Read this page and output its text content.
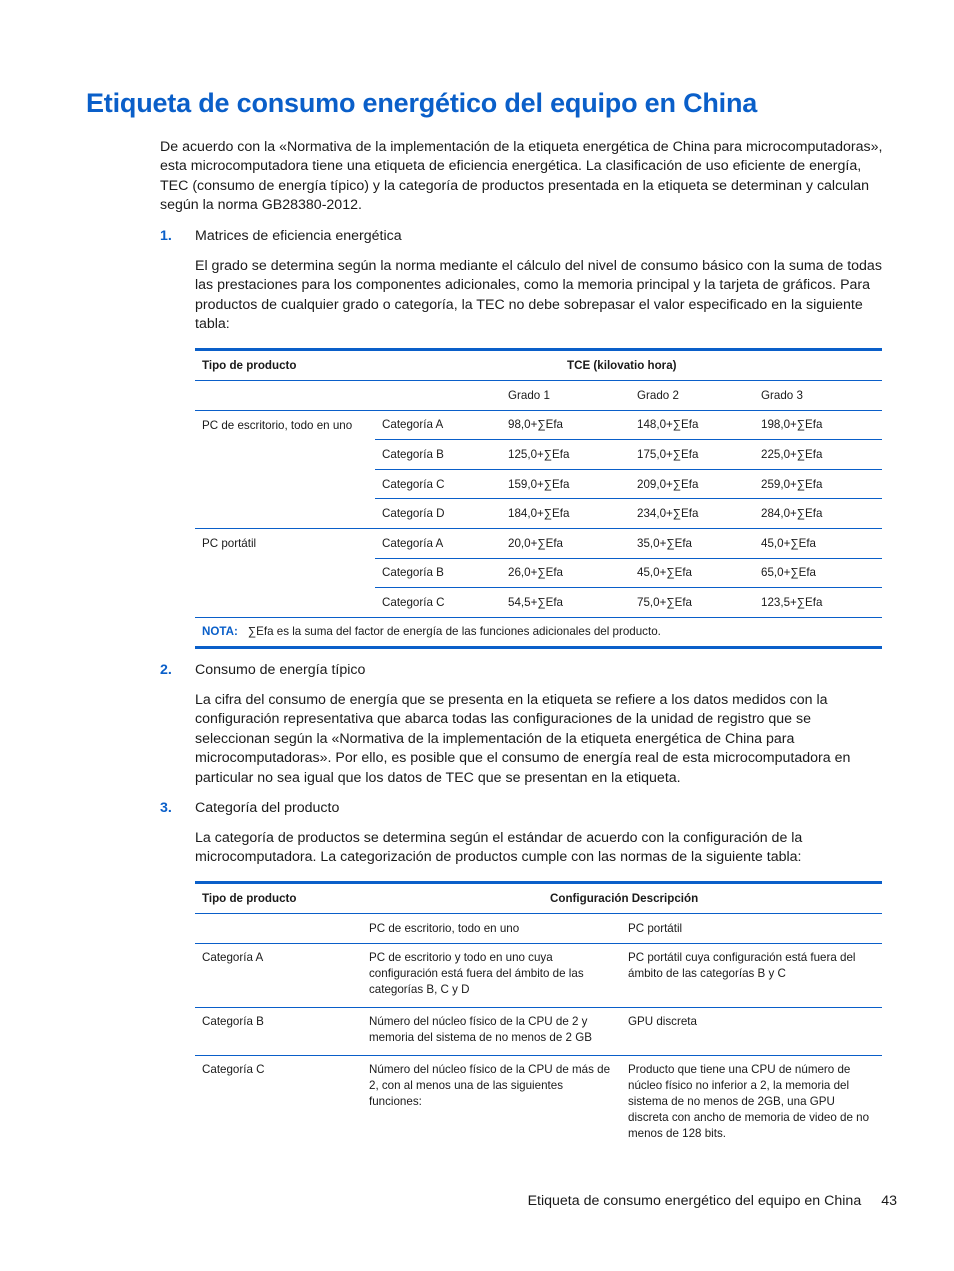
Etiqueta de consumo energético del equipo en China

De acuerdo con la «Normativa de la implementación de la etiqueta energética de China para microcomputadoras», esta microcomputadora tiene una etiqueta de eficiencia energética. La clasificación de uso eficiente de energía, TEC (consumo de energía típico) y la categoría de productos presentada en la etiqueta se determinan y calculan según la norma GB28380-2012.

1. Matrices de eficiencia energética

El grado se determina según la norma mediante el cálculo del nivel de consumo básico con la suma de todas las prestaciones para los componentes adicionales, como la memoria principal y la tarjeta de gráficos. Para productos de cualquier grado o categoría, la TEC no debe sobrepasar el valor especificado en la siguiente tabla:

Tipo de producto		TCE (kilovatio hora)		
		Grado 1	Grado 2	Grado 3
PC de escritorio, todo en uno	Categoría A	98,0+∑Efa	148,0+∑Efa	198,0+∑Efa
	Categoría B	125,0+∑Efa	175,0+∑Efa	225,0+∑Efa
	Categoría C	159,0+∑Efa	209,0+∑Efa	259,0+∑Efa
	Categoría D	184,0+∑Efa	234,0+∑Efa	284,0+∑Efa
PC portátil	Categoría A	20,0+∑Efa	35,0+∑Efa	45,0+∑Efa
	Categoría B	26,0+∑Efa	45,0+∑Efa	65,0+∑Efa
	Categoría C	54,5+∑Efa	75,0+∑Efa	123,5+∑Efa
NOTA: ∑Efa es la suma del factor de energía de las funciones adicionales del producto.				
2. Consumo de energía típico

La cifra del consumo de energía que se presenta en la etiqueta se refiere a los datos medidos con la configuración representativa que abarca todas las configuraciones de la unidad de registro que se seleccionan según la «Normativa de la implementación de la etiqueta energética de China para microcomputadoras». Por ello, es posible que el consumo de energía real de esta microcomputadora en particular no sea igual que los datos de TEC que se presentan en la etiqueta.

3. Categoría del producto

La categoría de productos se determina según el estándar de acuerdo con la configuración de la microcomputadora. La categorización de productos cumple con las normas de la siguiente tabla:

Tipo de producto	Configuración Descripción	
	PC de escritorio, todo en uno	PC portátil
Categoría A	PC de escritorio y todo en uno cuya configuración está fuera del ámbito de las categorías B, C y D	PC portátil cuya configuración está fuera del ámbito de las categorías B y C
Categoría B	Número del núcleo físico de la CPU de 2 y memoria del sistema de no menos de 2 GB	GPU discreta
Categoría C	Número del núcleo físico de la CPU de más de 2, con al menos una de las siguientes funciones:	Producto que tiene una CPU de número de núcleo físico no inferior a 2, la memoria del sistema de no menos de 2GB, una GPU discreta con ancho de memoria de video de no menos de 128 bits.
Etiqueta de consumo energético del equipo en China 43
